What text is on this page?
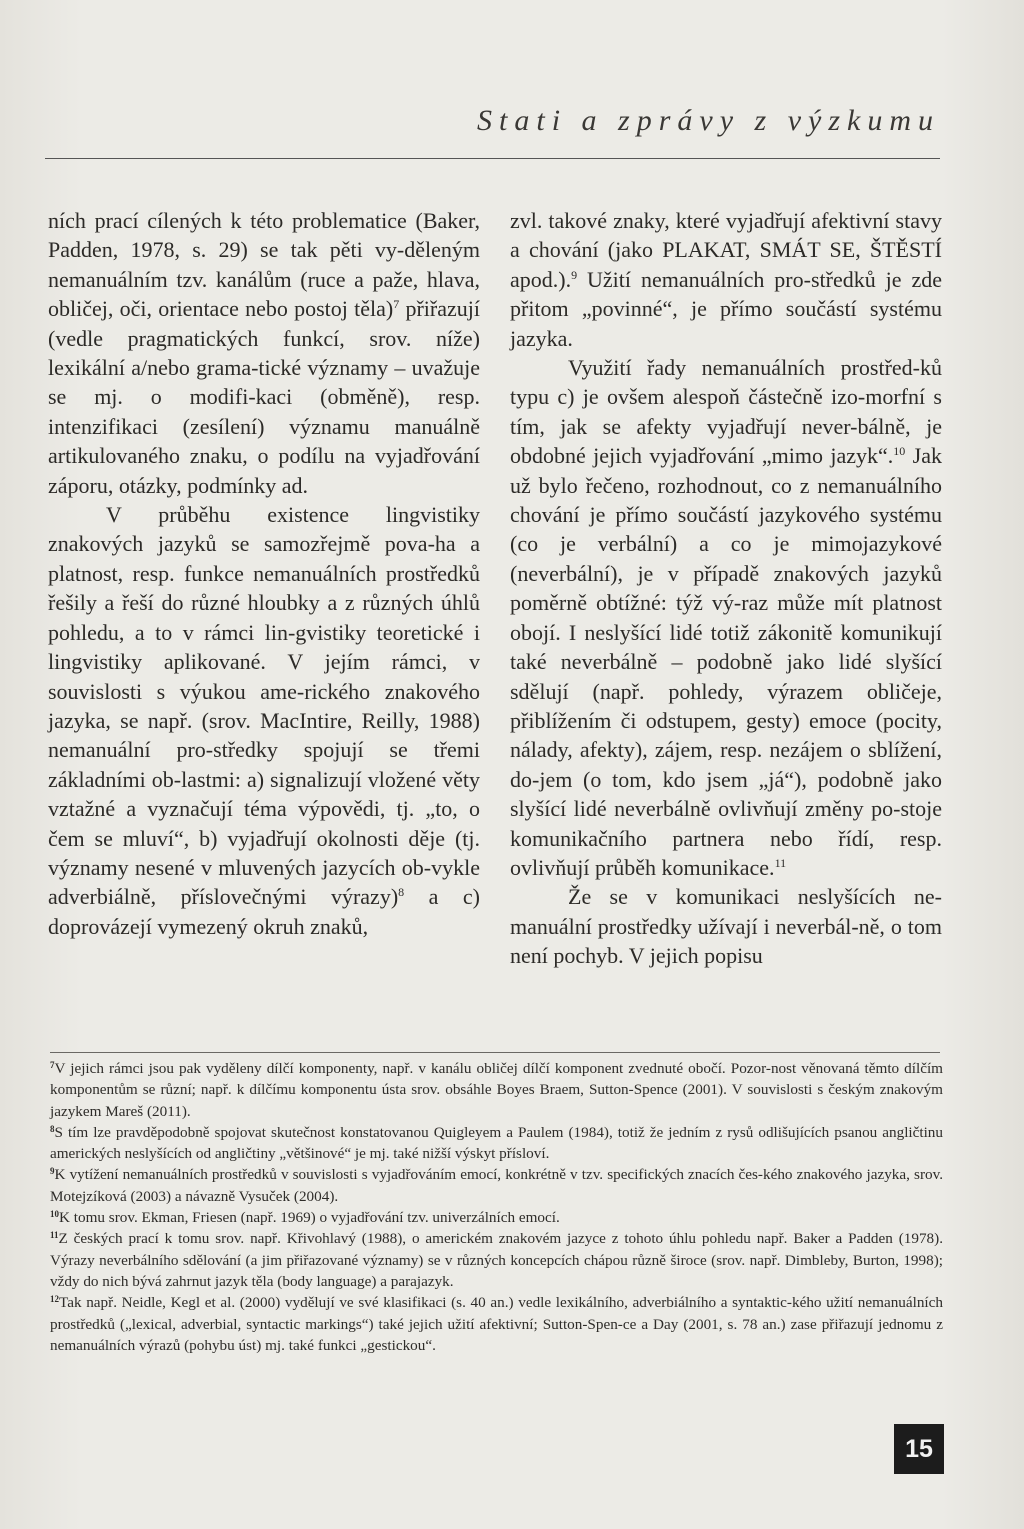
Stati a zprávy z výzkumu

ních prací cílených k této problematice (Baker, Padden, 1978, s. 29) se tak pěti vy-děleným nemanuálním tzv. kanálům (ruce a paže, hlava, obličej, oči, orientace nebo postoj těla)$^7$ přiřazují (vedle pragmatických funkcí, srov. níže) lexikální a/nebo grama-tické významy – uvažuje se mj. o modifi-kaci (obměně), resp. intenzifikaci (zesílení) významu manuálně artikulovaného znaku, o podílu na vyjadřování záporu, otázky, podmínky ad.

V průběhu existence lingvistiky znakových jazyků se samozřejmě pova-ha a platnost, resp. funkce nemanuálních prostředků řešily a řeší do různé hloubky a z různých úhlů pohledu, a to v rámci lin-gvistiky teoretické i lingvistiky aplikované. V jejím rámci, v souvislosti s výukou ame-rického znakového jazyka, se např. (srov. MacIntire, Reilly, 1988) nemanuální pro-středky spojují se třemi základními ob-lastmi: a) signalizují vložené věty vztažné a vyznačují téma výpovědi, tj. „to, o čem se mluví“, b) vyjadřují okolnosti děje (tj. významy nesené v mluvených jazycích ob-vykle adverbiálně, příslovečnými výrazy)$^8$ a c) doprovázejí vymezený okruh znaků,

zvl. takové znaky, které vyjadřují afektivní stavy a chování (jako PLAKAT, SMÁT SE, ŠTĚSTÍ apod.).$^9$ Užití nemanuálních pro-středků je zde přitom „povinné“, je přímo součástí systému jazyka.

Využití řady nemanuálních prostřed-ků typu c) je ovšem alespoň částečně izo-morfní s tím, jak se afekty vyjadřují never-bálně, je obdobné jejich vyjadřování „mimo jazyk“.$^{10}$ Jak už bylo řečeno, rozhodnout, co z nemanuálního chování je přímo součástí jazykového systému (co je verbální) a co je mimojazykové (neverbální), je v případě znakových jazyků poměrně obtížné: týž vý-raz může mít platnost obojí. I neslyšící lidé totiž zákonitě komunikují také neverbálně – podobně jako lidé slyšící sdělují (např. pohledy, výrazem obličeje, přiblížením či odstupem, gesty) emoce (pocity, nálady, afekty), zájem, resp. nezájem o sblížení, do-jem (o tom, kdo jsem „já“), podobně jako slyšící lidé neverbálně ovlivňují změny po-stoje komunikačního partnera nebo řídí, resp. ovlivňují průběh komunikace.$^{11}$

Že se v komunikaci neslyšících ne-manuální prostředky užívají i neverbál-ně, o tom není pochyb. V jejich popisu

$^7$V jejich rámci jsou pak vyděleny dílčí komponenty, např. v kanálu obličej dílčí komponent zvednuté obočí. Pozor-nost věnovaná těmto dílčím komponentům se různí; např. k dílčímu komponentu ústa srov. obsáhle Boyes Braem, Sutton-Spence (2001). V souvislosti s českým znakovým jazykem Mareš (2011).

$^8$S tím lze pravděpodobně spojovat skutečnost konstatovanou Quigleyem a Paulem (1984), totiž že jedním z rysů odlišujících psanou angličtinu amerických neslyšících od angličtiny „většinové“ je mj. také nižší výskyt přísloví.

$^9$K vytížení nemanuálních prostředků v souvislosti s vyjadřováním emocí, konkrétně v tzv. specifických znacích čes-kého znakového jazyka, srov. Motejzíková (2003) a návazně Vysuček (2004).

$^{10}$K tomu srov. Ekman, Friesen (např. 1969) o vyjadřování tzv. univerzálních emocí.

$^{11}$Z českých prací k tomu srov. např. Křivohlavý (1988), o americkém znakovém jazyce z tohoto úhlu pohledu např. Baker a Padden (1978). Výrazy neverbálního sdělování (a jim přiřazované významy) se v různých koncepcích chápou různě široce (srov. např. Dimbleby, Burton, 1998); vždy do nich bývá zahrnut jazyk těla (body language) a parajazyk.

$^{12}$Tak např. Neidle, Kegl et al. (2000) vydělují ve své klasifikaci (s. 40 an.) vedle lexikálního, adverbiálního a syntaktic-kého užití nemanuálních prostředků („lexical, adverbial, syntactic markings“) také jejich užití afektivní; Sutton-Spen-ce a Day (2001, s. 78 an.) zase přiřazují jednomu z nemanuálních výrazů (pohybu úst) mj. také funkci „gestickou“.

15
